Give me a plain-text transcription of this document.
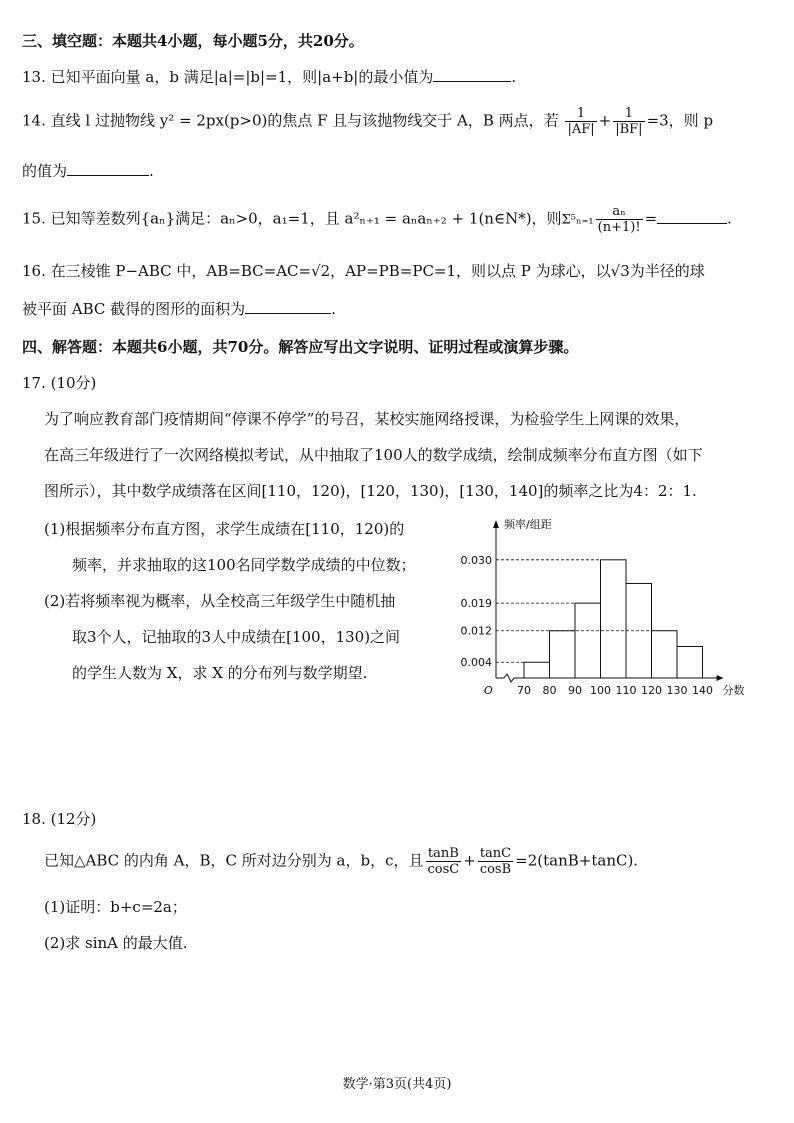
三、填空题：本题共4小题，每小题5分，共20分。
13. 已知平面向量 a，b 满足|a|=|b|=1，则|a+b|的最小值为	.
14. 直线 l 过抛物线 y² = 2px(p>0)的焦点 F 且与该抛物线交于 A，B 两点，若 $\frac{1}{|AF|} + \frac{1}{|BF|} =3$，则 p
的值为	.
15. 已知等差数列{aₙ}满足：aₙ>0，a₁=1，且 a²ₙ₊₁ = aₙaₙ₊₂ + 1(n∈N*)，则$\Sigma^5_{n=1} \frac{\text{aₙ}}{(n+1)!}$ =	.
16. 在三棱锥 P−ABC 中，AB=BC=AC=√2，AP=PB=PC=1，则以点 P 为球心，以√3为半径的球
被平面 ABC 截得的图形的面积为	.
四、解答题：本题共6小题，共70分。解答应写出文字说明、证明过程或演算步骤。
17. (10分)
为了响应教育部门疫情期间“停课不停学”的号召，某校实施网络授课，为检验学生上网课的效果，
在高三年级进行了一次网络模拟考试，从中抽取了100人的数学成绩，绘制成频率分布直方图（如下
图所示），其中数学成绩落在区间[110，120)，[120，130)，[130，140]的频率之比为4：2：1.
(1)根据频率分布直方图，求学生成绩在[110，120)的
频率，并求抽取的这100名同学数学成绩的中位数；
(2)若将频率视为概率，从全校高三年级学生中随机抽
取3个人，记抽取的3人中成绩在[100，130)之间
的学生人数为 X，求 X 的分布列与数学期望.
0.004
0.012
0.019
0.030
70 80 90 100 110 120 130 140
频率/组距
分数
O
18. (12分)
已知△ABC 的内角 A，B，C 所对边分别为 a，b，c，且 $\frac{\tan B}{\cos C} + \frac{\tan C}{\cos B} =2(\tan B+\tan C)$.
(1)证明：b+c=2a；
(2)求 sinA 的最大值.
数学·第3页(共4页)
